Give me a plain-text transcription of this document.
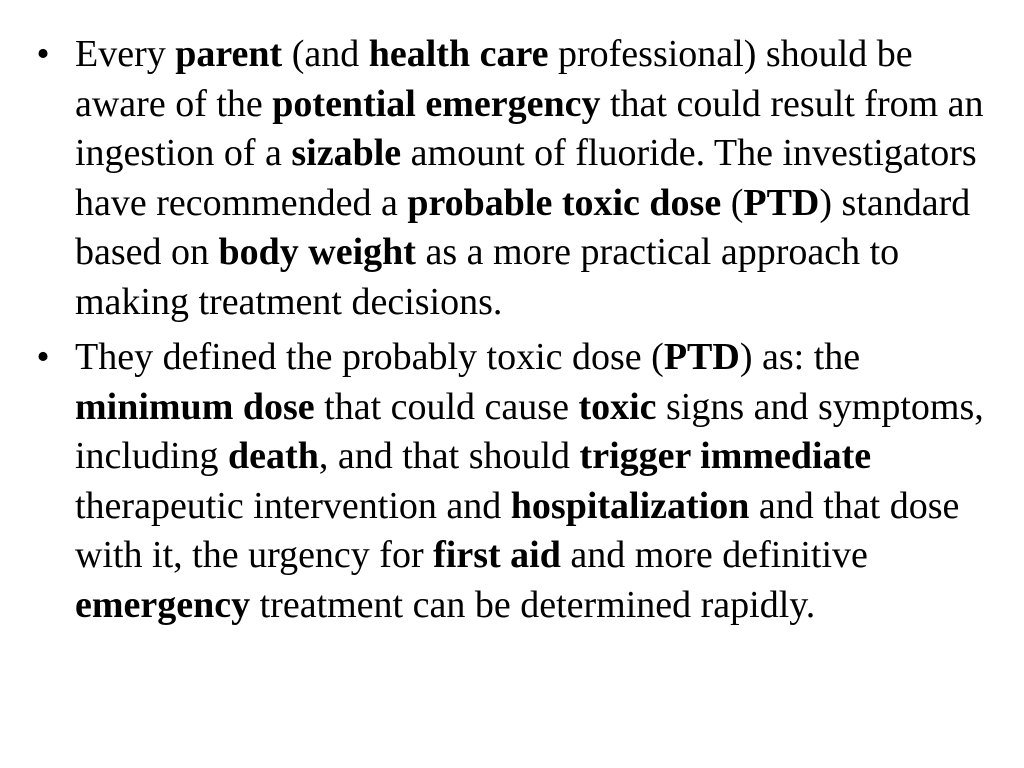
• Every parent (and health care professional) should be aware of the potential emergency that could result from an ingestion of a sizable amount of fluoride. The investigators have recommended a probable toxic dose (PTD) standard based on body weight as a more practical approach to making treatment decisions.
• They defined the probably toxic dose (PTD) as: the minimum dose that could cause toxic signs and symptoms, including death, and that should trigger immediate therapeutic intervention and hospitalization and that dose with it, the urgency for first aid and more definitive emergency treatment can be determined rapidly.
